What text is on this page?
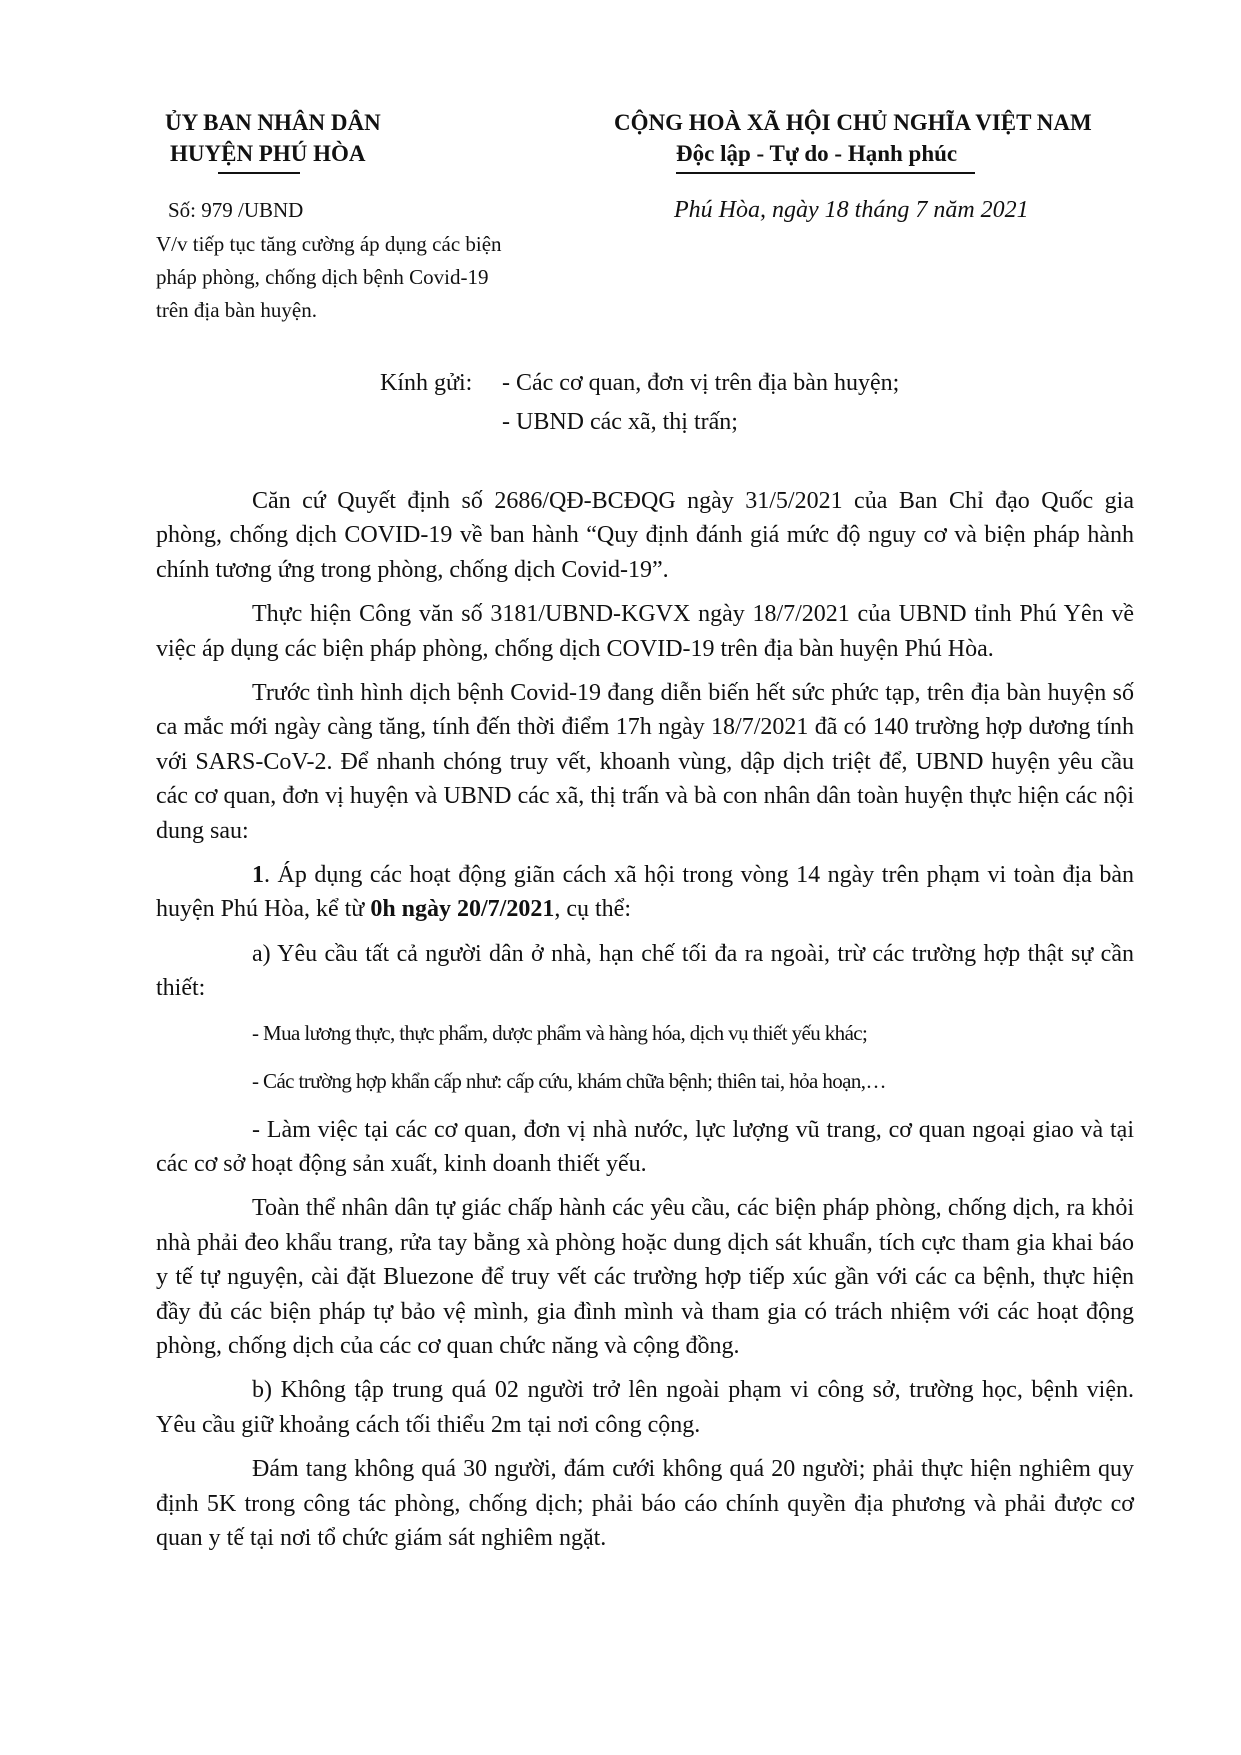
ỦY BAN NHÂN DÂN
HUYỆN PHÚ HÒA
CỘNG HOÀ XÃ HỘI CHỦ NGHĨA VIỆT NAM
Độc lập - Tự do - Hạnh phúc
Số: 979 /UBND	Phú Hòa, ngày 18 tháng 7 năm 2021
V/v tiếp tục tăng cường áp dụng các biện
pháp phòng, chống dịch bệnh Covid-19
trên địa bàn huyện.
Kính gửi: - Các cơ quan, đơn vị trên địa bàn huyện;
- UBND các xã, thị trấn;

Căn cứ Quyết định số 2686/QĐ-BCĐQG ngày 31/5/2021 của Ban Chỉ đạo Quốc gia phòng, chống dịch COVID-19 về ban hành “Quy định đánh giá mức độ nguy cơ và biện pháp hành chính tương ứng trong phòng, chống dịch Covid-19”.

Thực hiện Công văn số 3181/UBND-KGVX ngày 18/7/2021 của UBND tỉnh Phú Yên về việc áp dụng các biện pháp phòng, chống dịch COVID-19 trên địa bàn huyện Phú Hòa.

Trước tình hình dịch bệnh Covid-19 đang diễn biến hết sức phức tạp, trên địa bàn huyện số ca mắc mới ngày càng tăng, tính đến thời điểm 17h ngày 18/7/2021 đã có 140 trường hợp dương tính với SARS-CoV-2. Để nhanh chóng truy vết, khoanh vùng, dập dịch triệt để, UBND huyện yêu cầu các cơ quan, đơn vị huyện và UBND các xã, thị trấn và bà con nhân dân toàn huyện thực hiện các nội dung sau:

1. Áp dụng các hoạt động giãn cách xã hội trong vòng 14 ngày trên phạm vi toàn địa bàn huyện Phú Hòa, kể từ 0h ngày 20/7/2021, cụ thể:

a) Yêu cầu tất cả người dân ở nhà, hạn chế tối đa ra ngoài, trừ các trường hợp thật sự cần thiết:

- Mua lương thực, thực phẩm, dược phẩm và hàng hóa, dịch vụ thiết yếu khác;

- Các trường hợp khẩn cấp như: cấp cứu, khám chữa bệnh; thiên tai, hỏa hoạn,…

- Làm việc tại các cơ quan, đơn vị nhà nước, lực lượng vũ trang, cơ quan ngoại giao và tại các cơ sở hoạt động sản xuất, kinh doanh thiết yếu.

Toàn thể nhân dân tự giác chấp hành các yêu cầu, các biện pháp phòng, chống dịch, ra khỏi nhà phải đeo khẩu trang, rửa tay bằng xà phòng hoặc dung dịch sát khuẩn, tích cực tham gia khai báo y tế tự nguyện, cài đặt Bluezone để truy vết các trường hợp tiếp xúc gần với các ca bệnh, thực hiện đầy đủ các biện pháp tự bảo vệ mình, gia đình mình và tham gia có trách nhiệm với các hoạt động phòng, chống dịch của các cơ quan chức năng và cộng đồng.

b) Không tập trung quá 02 người trở lên ngoài phạm vi công sở, trường học, bệnh viện. Yêu cầu giữ khoảng cách tối thiểu 2m tại nơi công cộng.

Đám tang không quá 30 người, đám cưới không quá 20 người; phải thực hiện nghiêm quy định 5K trong công tác phòng, chống dịch; phải báo cáo chính quyền địa phương và phải được cơ quan y tế tại nơi tổ chức giám sát nghiêm ngặt.
